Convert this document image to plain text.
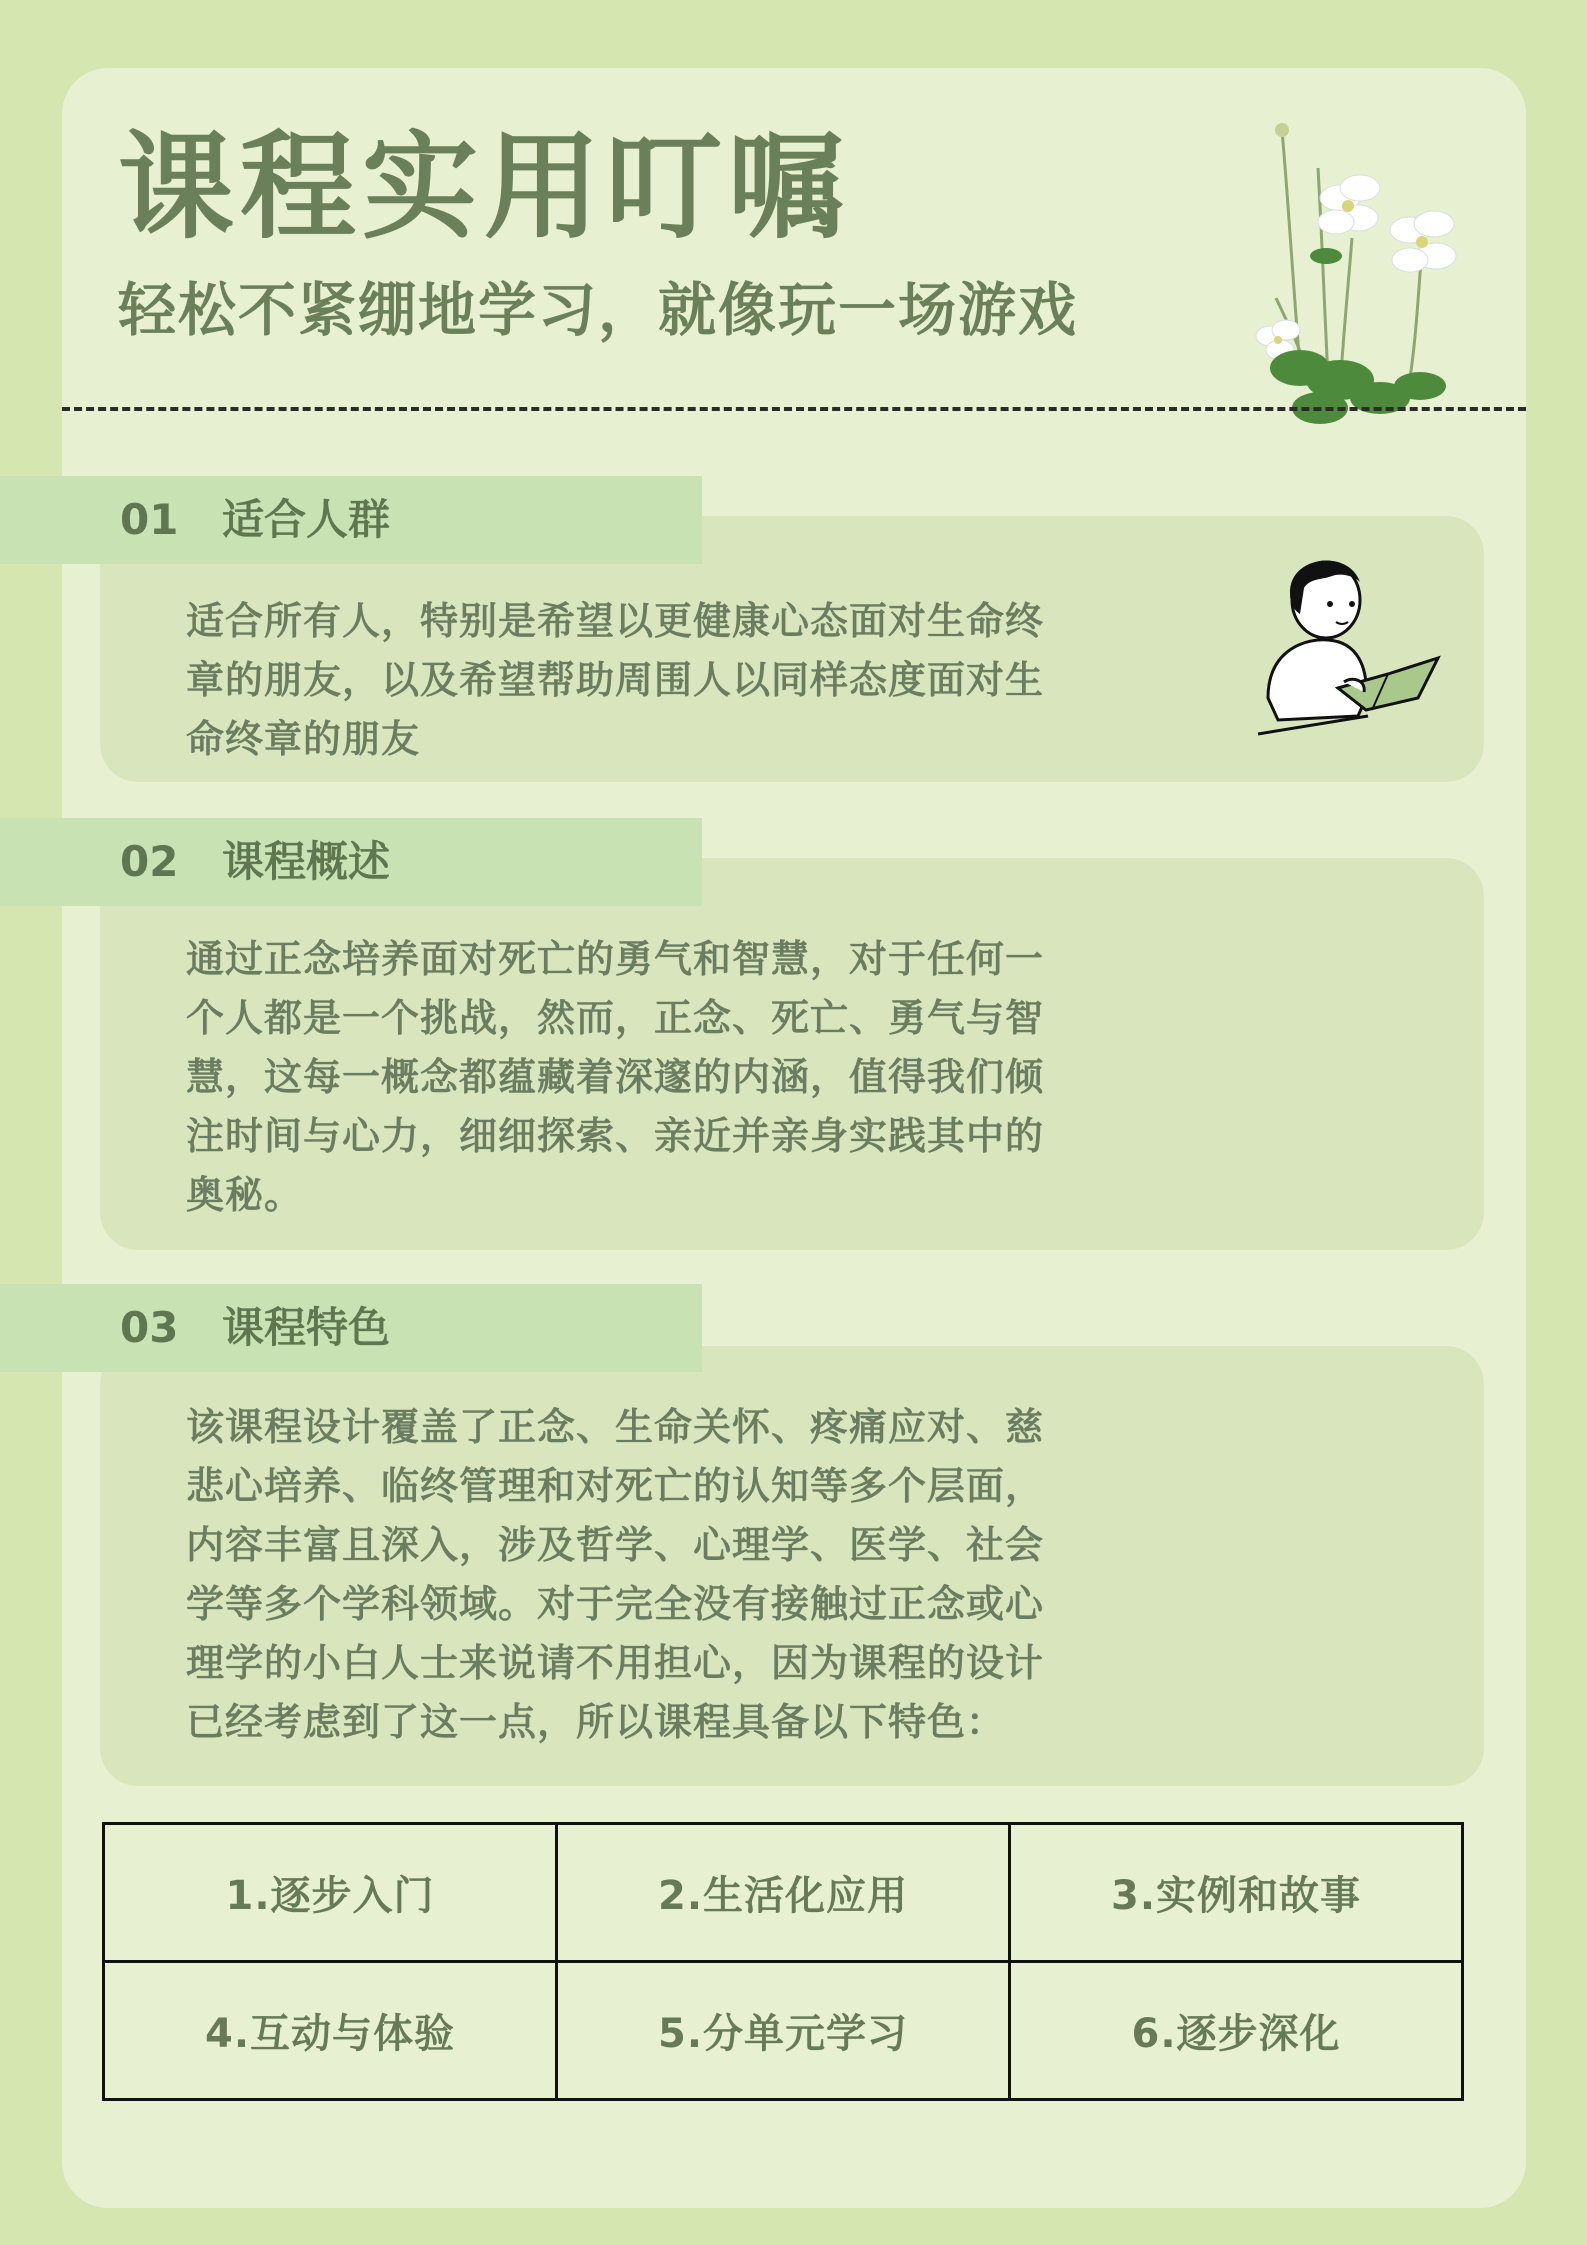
课程实用叮嘱
轻松不紧绷地学习，就像玩一场游戏
01 适合人群
适合所有人，特别是希望以更健康心态面对生命终
章的朋友，以及希望帮助周围人以同样态度面对生
命终章的朋友
02 课程概述
通过正念培养面对死亡的勇气和智慧，对于任何一
个人都是一个挑战，然而，正念、死亡、勇气与智
慧，这每一概念都蕴藏着深邃的内涵，值得我们倾
注时间与心力，细细探索、亲近并亲身实践其中的
奥秘。
03 课程特色
该课程设计覆盖了正念、生命关怀、疼痛应对、慈
悲心培养、临终管理和对死亡的认知等多个层面，
内容丰富且深入，涉及哲学、心理学、医学、社会
学等多个学科领域。对于完全没有接触过正念或心
理学的小白人士来说请不用担心，因为课程的设计
已经考虑到了这一点，所以课程具备以下特色：
1.逐步入门	2.生活化应用	3.实例和故事
4.互动与体验	5.分单元学习	6.逐步深化
